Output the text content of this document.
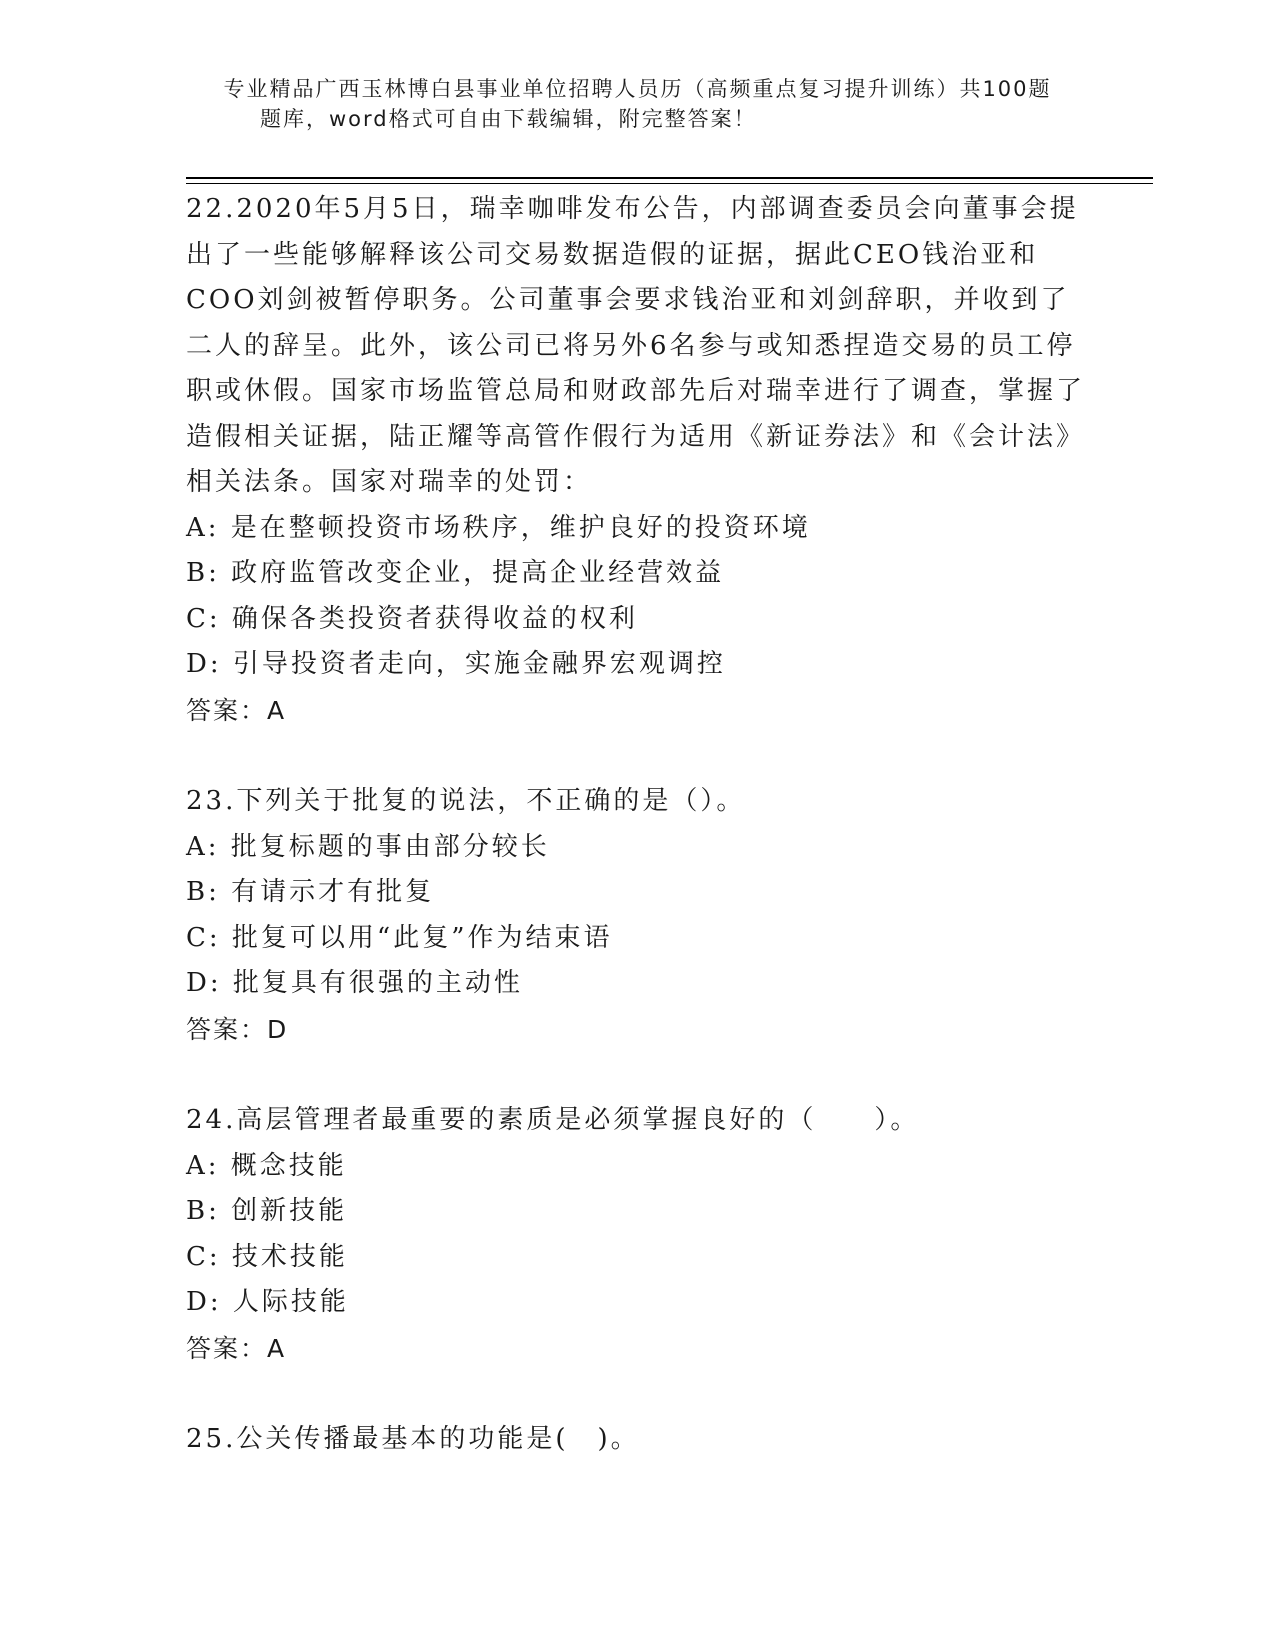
专业精品广西玉林博白县事业单位招聘人员历（高频重点复习提升训练）共100题
题库，word格式可自由下载编辑，附完整答案！

22.2020年5月5日，瑞幸咖啡发布公告，内部调查委员会向董事会提出了一些能够解释该公司交易数据造假的证据，据此CEO钱治亚和COO刘剑被暂停职务。公司董事会要求钱治亚和刘剑辞职，并收到了二人的辞呈。此外，该公司已将另外6名参与或知悉捏造交易的员工停职或休假。国家市场监管总局和财政部先后对瑞幸进行了调查，掌握了造假相关证据，陆正耀等高管作假行为适用《新证券法》和《会计法》相关法条。国家对瑞幸的处罚：

A: 是在整顿投资市场秩序，维护良好的投资环境

B: 政府监管改变企业，提高企业经营效益

C: 确保各类投资者获得收益的权利

D: 引导投资者走向，实施金融界宏观调控

答案：A

23.下列关于批复的说法，不正确的是（）。

A: 批复标题的事由部分较长

B: 有请示才有批复

C: 批复可以用“此复”作为结束语

D: 批复具有很强的主动性

答案：D

24.高层管理者最重要的素质是必须掌握良好的（　　）。

A: 概念技能

B: 创新技能

C: 技术技能

D: 人际技能

答案：A

25.公关传播最基本的功能是(　)。
